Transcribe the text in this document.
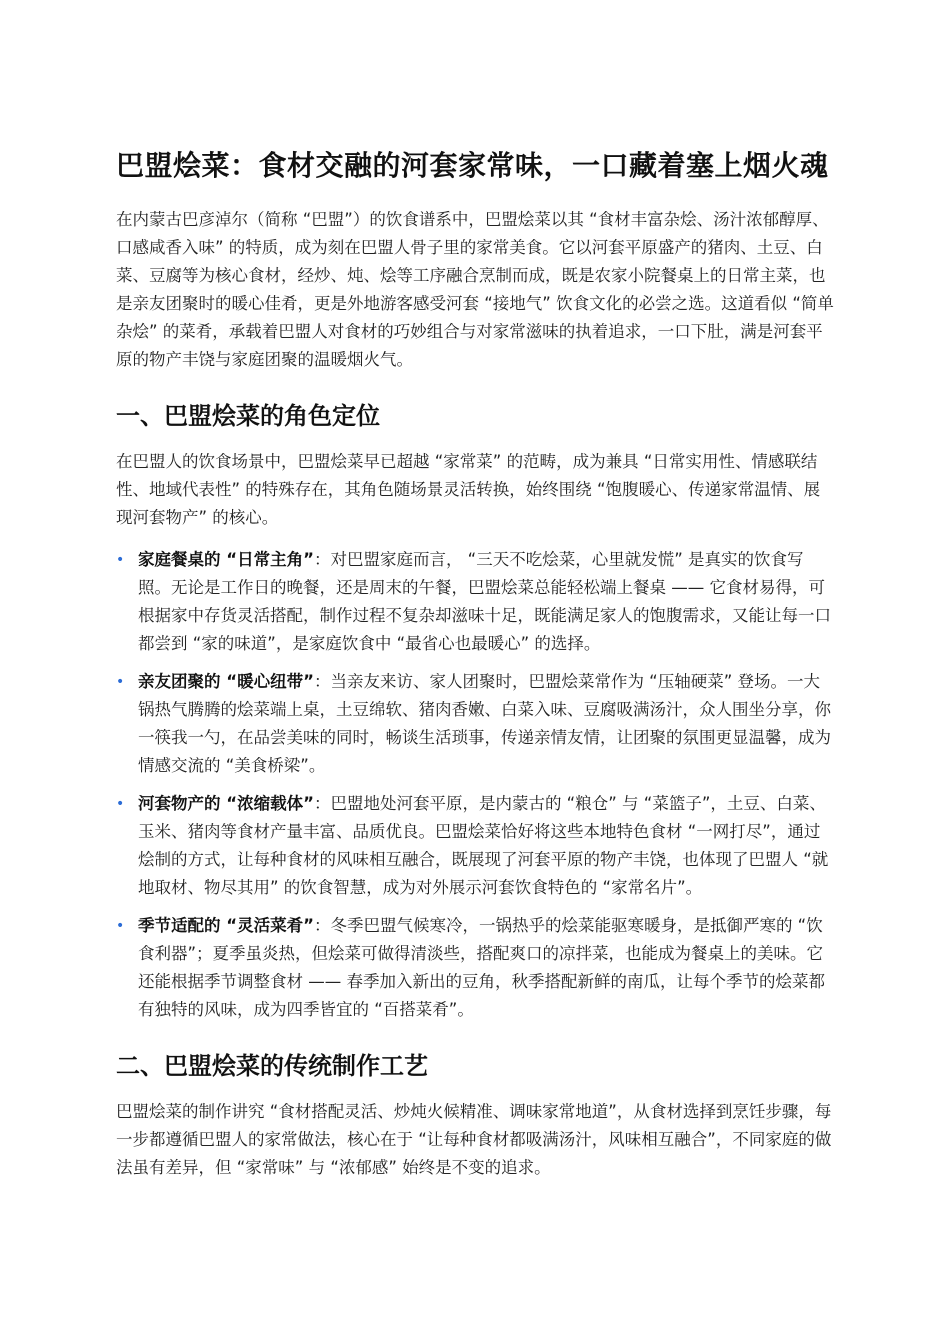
巴盟烩菜：食材交融的河套家常味，一口藏着塞上烟火魂

在内蒙古巴彦淖尔（简称 “巴盟”）的饮食谱系中，巴盟烩菜以其 “食材丰富杂烩、汤汁浓郁醇厚、口感咸香入味” 的特质，成为刻在巴盟人骨子里的家常美食。它以河套平原盛产的猪肉、土豆、白菜、豆腐等为核心食材，经炒、炖、烩等工序融合烹制而成，既是农家小院餐桌上的日常主菜，也是亲友团聚时的暖心佳肴，更是外地游客感受河套 “接地气” 饮食文化的必尝之选。这道看似 “简单杂烩” 的菜肴，承载着巴盟人对食材的巧妙组合与对家常滋味的执着追求，一口下肚，满是河套平原的物产丰饶与家庭团聚的温暖烟火气。

一、巴盟烩菜的角色定位

在巴盟人的饮食场景中，巴盟烩菜早已超越 “家常菜” 的范畴，成为兼具 “日常实用性、情感联结性、地域代表性” 的特殊存在，其角色随场景灵活转换，始终围绕 “饱腹暖心、传递家常温情、展现河套物产” 的核心。

• 家庭餐桌的 “日常主角”：对巴盟家庭而言， “三天不吃烩菜，心里就发慌” 是真实的饮食写照。无论是工作日的晚餐，还是周末的午餐，巴盟烩菜总能轻松端上餐桌 —— 它食材易得，可根据家中存货灵活搭配，制作过程不复杂却滋味十足，既能满足家人的饱腹需求，又能让每一口都尝到 “家的味道”，是家庭饮食中 “最省心也最暖心” 的选择。
• 亲友团聚的 “暖心纽带”：当亲友来访、家人团聚时，巴盟烩菜常作为 “压轴硬菜” 登场。一大锅热气腾腾的烩菜端上桌，土豆绵软、猪肉香嫩、白菜入味、豆腐吸满汤汁，众人围坐分享，你一筷我一勺，在品尝美味的同时，畅谈生活琐事，传递亲情友情，让团聚的氛围更显温馨，成为情感交流的 “美食桥梁”。
• 河套物产的 “浓缩载体”：巴盟地处河套平原，是内蒙古的 “粮仓” 与 “菜篮子”，土豆、白菜、玉米、猪肉等食材产量丰富、品质优良。巴盟烩菜恰好将这些本地特色食材 “一网打尽”，通过烩制的方式，让每种食材的风味相互融合，既展现了河套平原的物产丰饶，也体现了巴盟人 “就地取材、物尽其用” 的饮食智慧，成为对外展示河套饮食特色的 “家常名片”。
• 季节适配的 “灵活菜肴”：冬季巴盟气候寒冷，一锅热乎的烩菜能驱寒暖身，是抵御严寒的 “饮食利器”；夏季虽炎热，但烩菜可做得清淡些，搭配爽口的凉拌菜，也能成为餐桌上的美味。它还能根据季节调整食材 —— 春季加入新出的豆角，秋季搭配新鲜的南瓜，让每个季节的烩菜都有独特的风味，成为四季皆宜的 “百搭菜肴”。
二、巴盟烩菜的传统制作工艺

巴盟烩菜的制作讲究 “食材搭配灵活、炒炖火候精准、调味家常地道”，从食材选择到烹饪步骤，每一步都遵循巴盟人的家常做法，核心在于 “让每种食材都吸满汤汁，风味相互融合”，不同家庭的做法虽有差异，但 “家常味” 与 “浓郁感” 始终是不变的追求。
